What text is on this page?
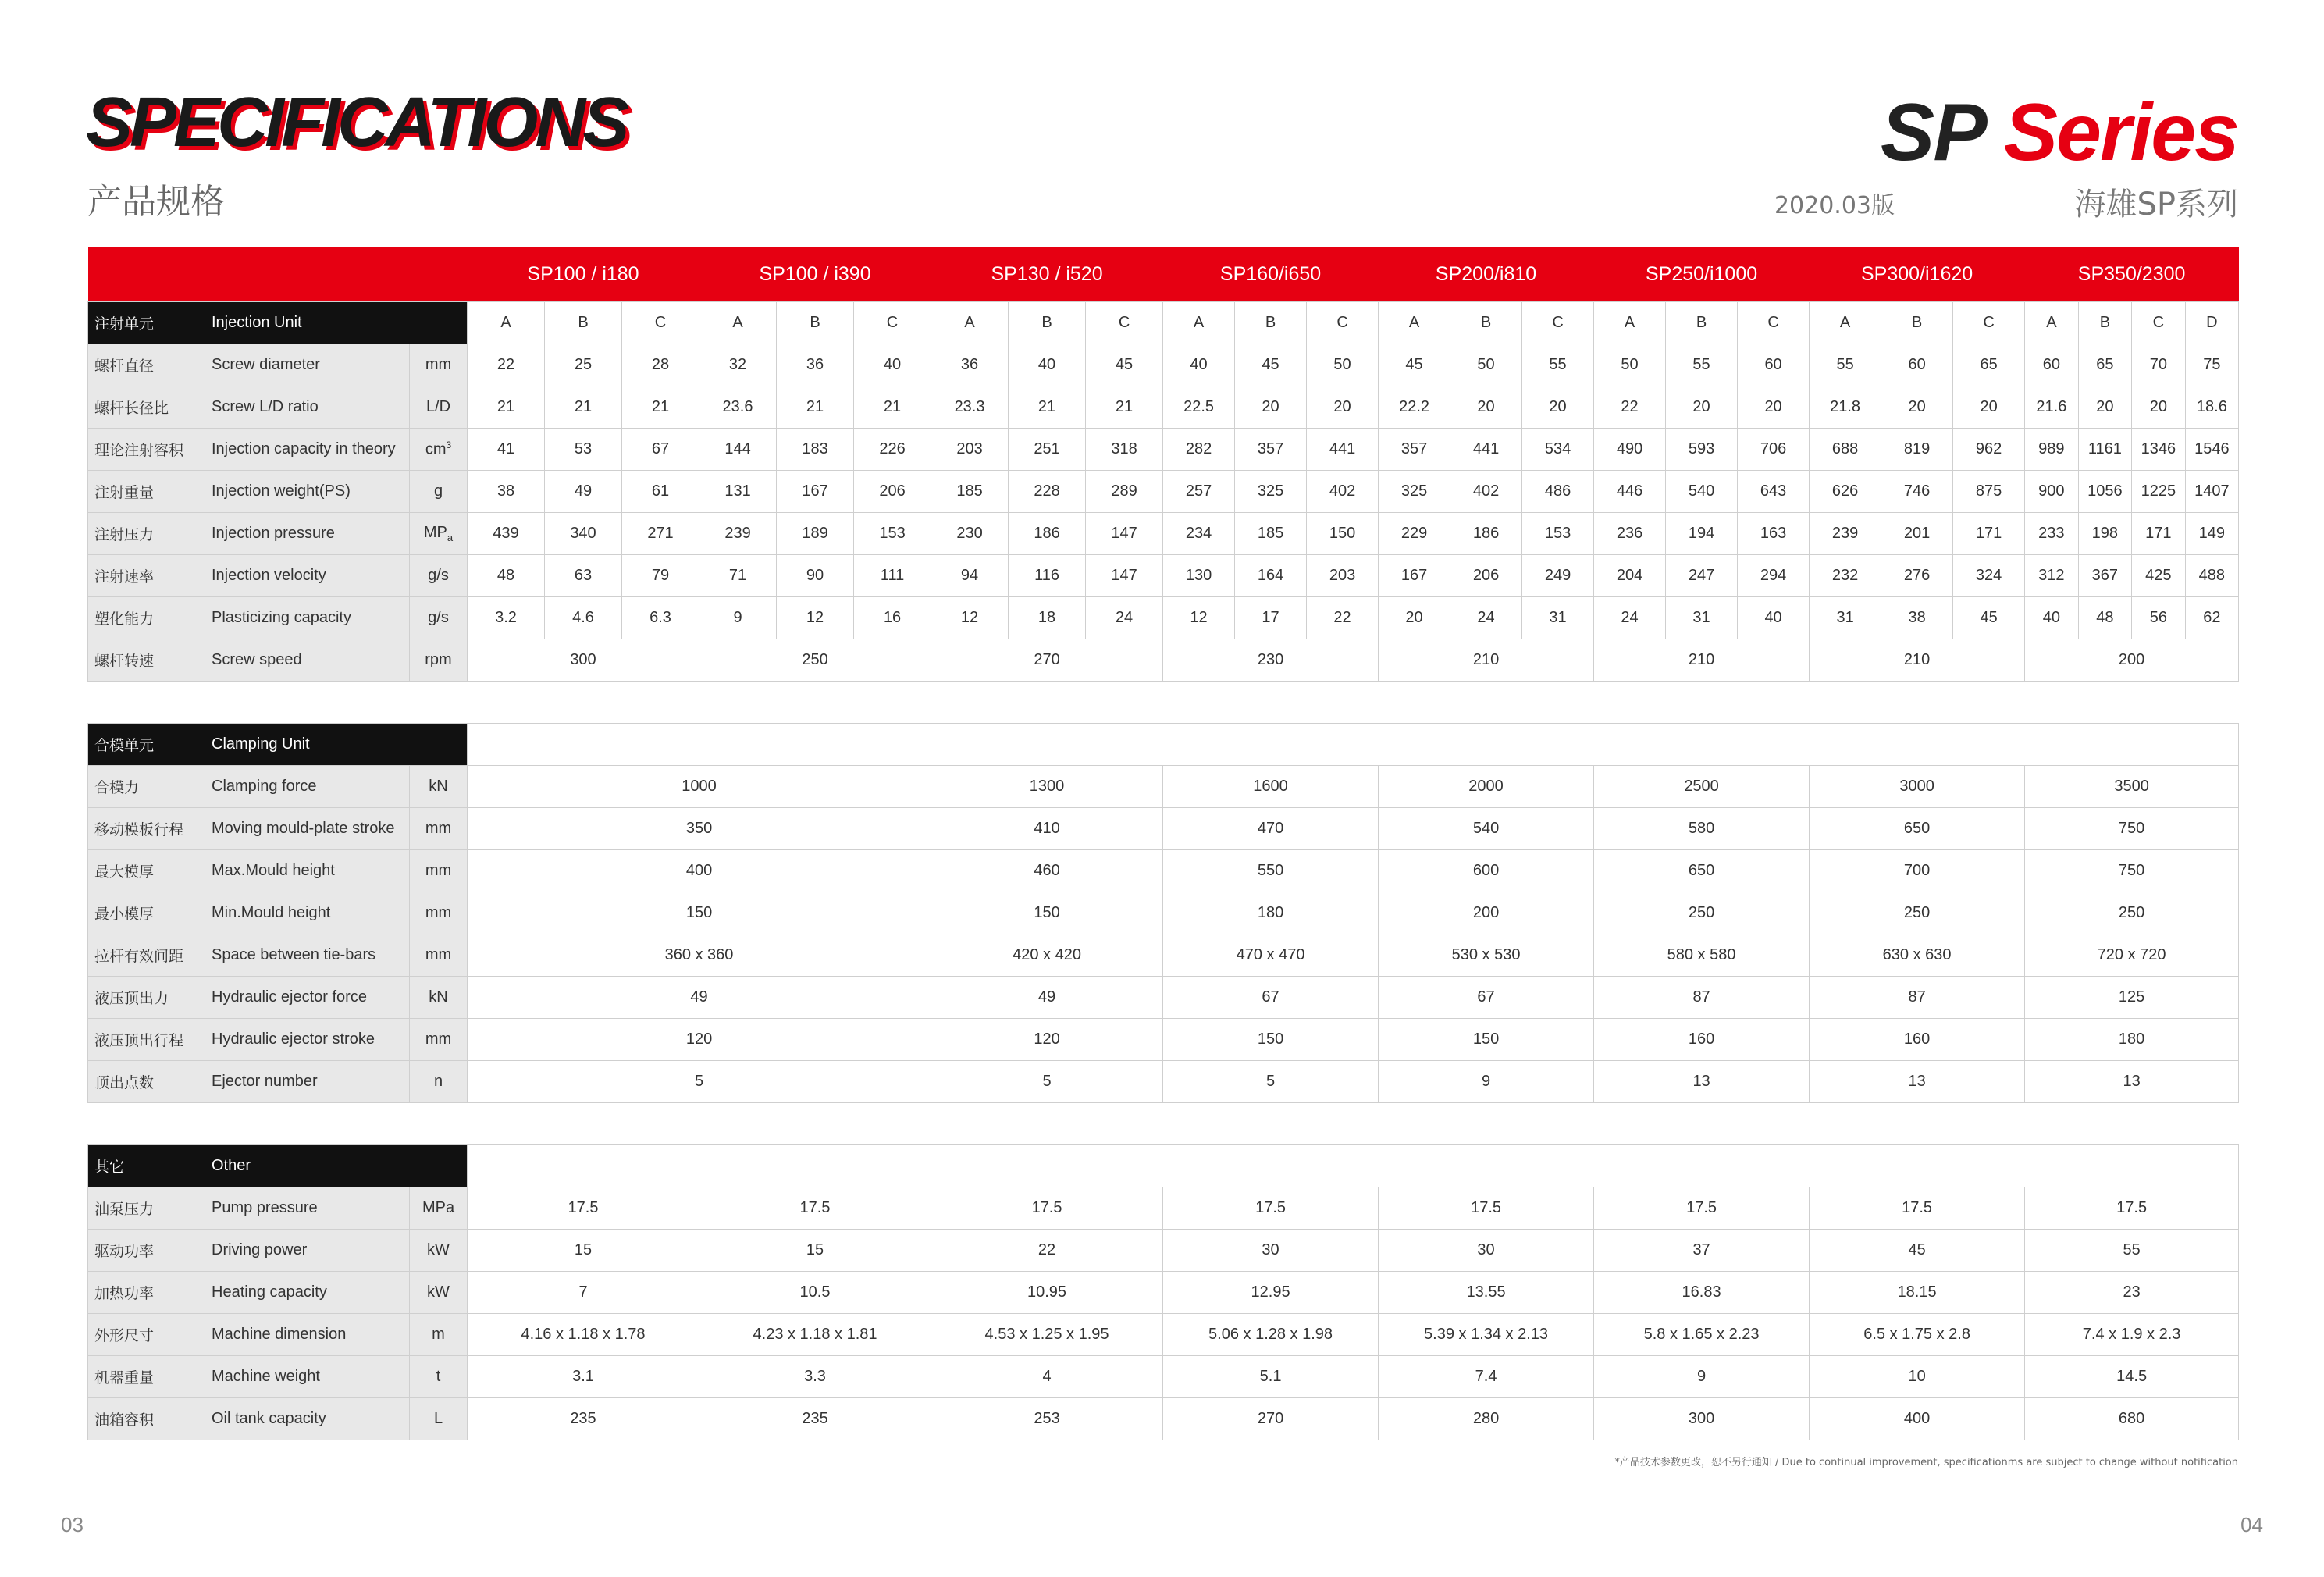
SPECIFICATIONS
产品规格
SP Series
2020.03版	海雄SP系列
			SP100 / i180			SP100 / i390			SP130 / i520			SP160/i650			SP200/i810			SP250/i1000			SP300/i1620			SP350/2300			
注射单元	Injection Unit		A	B	C	A	B	C	A	B	C	A	B	C	A	B	C	A	B	C	A	B	C	A	B	C	D
螺杆直径	Screw diameter	mm	22	25	28	32	36	40	36	40	45	40	45	50	45	50	55	50	55	60	55	60	65	60	65	70	75
螺杆长径比	Screw L/D ratio	L/D	21	21	21	23.6	21	21	23.3	21	21	22.5	20	20	22.2	20	20	22	20	20	21.8	20	20	21.6	20	20	18.6
理论注射容积	Injection capacity in theory	$cm^3$	41	53	67	144	183	226	203	251	318	282	357	441	357	441	534	490	593	706	688	819	962	989	1161	1346	1546
注射重量	Injection weight(PS)	g	38	49	61	131	167	206	185	228	289	257	325	402	325	402	486	446	540	643	626	746	875	900	1056	1225	1407
注射压力	Injection pressure	$MP_a$	439	340	271	239	189	153	230	186	147	234	185	150	229	186	153	236	194	163	239	201	171	233	198	171	149
注射速率	Injection velocity	g/s	48	63	79	71	90	111	94	116	147	130	164	203	167	206	249	204	247	294	232	276	324	312	367	425	488
塑化能力	Plasticizing capacity	g/s	3.2	4.6	6.3	9	12	16	12	18	24	12	17	22	20	24	31	24	31	40	31	38	45	40	48	56	62
螺杆转速	Screw speed	rpm	300			250			270			230			210			210			210			200			

合模单元	Clamping Unit																										
合模力	Clamping force	kN	1000						1300			1600			2000			2500			3000			3500			
移动模板行程	Moving mould-plate stroke	mm	350						410			470			540			580			650			750			
最大模厚	Max.Mould height	mm	400						460			550			600			650			700			750			
最小模厚	Min.Mould height	mm	150						150			180			200			250			250			250			
拉杆有效间距	Space between tie-bars	mm	360 x 360						420 x 420			470 x 470			530 x 530			580 x 580			630 x 630			720 x 720			
液压顶出力	Hydraulic ejector force	kN	49						49			67			67			87			87			125			
液压顶出行程	Hydraulic ejector stroke	mm	120						120			150			150			160			160			180			
顶出点数	Ejector number	n	5						5			5			9			13			13			13			

其它	Other																										
油泵压力	Pump pressure	MPa	17.5			17.5			17.5			17.5			17.5			17.5			17.5			17.5			
驱动功率	Driving power	kW	15			15			22			30			30			37			45			55			
加热功率	Heating capacity	kW	7			10.5			10.95			12.95			13.55			16.83			18.15			23			
外形尺寸	Machine dimension	m	4.16 x 1.18 x 1.78			4.23 x 1.18 x 1.81			4.53 x 1.25 x 1.95			5.06 x 1.28 x 1.98			5.39 x 1.34 x 2.13			5.8 x 1.65 x 2.23			6.5 x 1.75 x 2.8			7.4 x 1.9 x 2.3			
机器重量	Machine weight	t	3.1			3.3			4			5.1			7.4			9			10			14.5			
油箱容积	Oil tank capacity	L	235			235			253			270			280			300			400			680			
*产品技术参数更改，恕不另行通知 / Due to continual improvement, specificationms are subject to change without notification
03	04
